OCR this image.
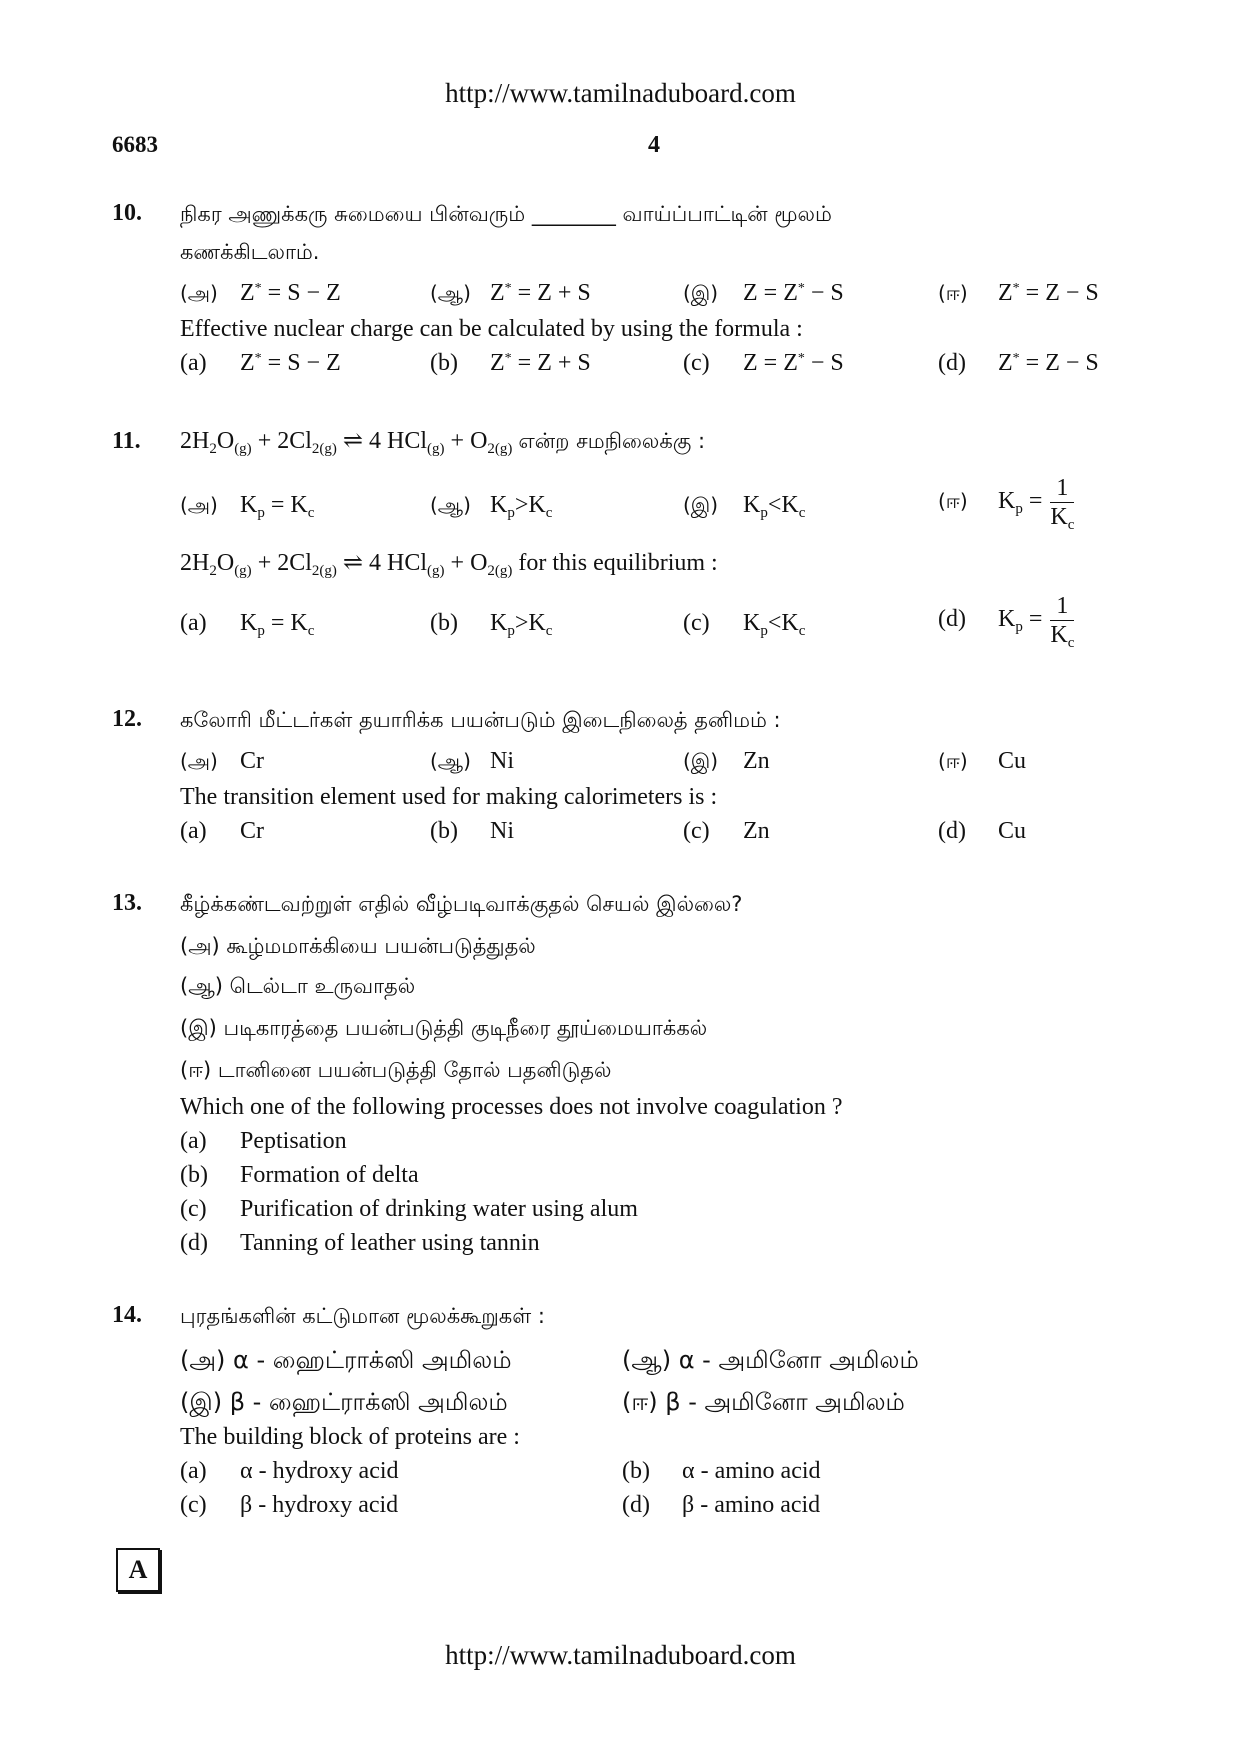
http://www.tamilnaduboard.com
6683	4
10. நிகர அணுக்கரு சுமையை பின்வரும் ________ வாய்ப்பாட்டின் மூலம்
கணக்கிடலாம்.
(அ) Z* = S − Z	(ஆ) Z* = Z + S	(இ) Z = Z* − S	(ஈ) Z* = Z − S
Effective nuclear charge can be calculated by using the formula :
(a) Z* = S − Z	(b) Z* = Z + S	(c) Z = Z* − S	(d) Z* = Z − S
11. $2H_2O_{(g)} + 2Cl_{2(g)}$ ⇌ 4 $HCl_{(g)} + O_{2(g)}$ என்ற சமநிலைக்கு :
(அ) $K_p = K_c$	(ஆ) $K_p>K_c$	(இ) $K_p<K_c$	(ஈ) $K_p = \frac{1}{K_c}$
$2H_2O_{(g)} + 2Cl_{2(g)}$ ⇌ 4 $HCl_{(g)} + O_{2(g)}$ for this equilibrium :
(a) $K_p = K_c$	(b) $K_p>K_c$	(c) $K_p<K_c$	(d) $K_p = \frac{1}{K_c}$
12. கலோரி மீட்டர்கள் தயாரிக்க பயன்படும் இடைநிலைத் தனிமம் :
(அ) Cr	(ஆ) Ni	(இ) Zn	(ஈ) Cu
The transition element used for making calorimeters is :
(a) Cr	(b) Ni	(c) Zn	(d) Cu
13. கீழ்க்கண்டவற்றுள் எதில் வீழ்படிவாக்குதல் செயல் இல்லை?
(அ) கூழ்மமாக்கியை பயன்படுத்துதல்
(ஆ) டெல்டா உருவாதல்
(இ) படிகாரத்தை பயன்படுத்தி குடிநீரை தூய்மையாக்கல்
(ஈ) டானினை பயன்படுத்தி தோல் பதனிடுதல்
Which one of the following processes does not involve coagulation ?
(a) Peptisation
(b) Formation of delta
(c) Purification of drinking water using alum
(d) Tanning of leather using tannin
14. புரதங்களின் கட்டுமான மூலக்கூறுகள் :
(அ) α - ஹைட்ராக்ஸி அமிலம்	(ஆ) α - அமினோ அமிலம்
(இ) β - ஹைட்ராக்ஸி அமிலம்	(ஈ) β - அமினோ அமிலம்
The building block of proteins are :
(a) α - hydroxy acid	(b) α - amino acid
(c) β - hydroxy acid	(d) β - amino acid
A
http://www.tamilnaduboard.com
